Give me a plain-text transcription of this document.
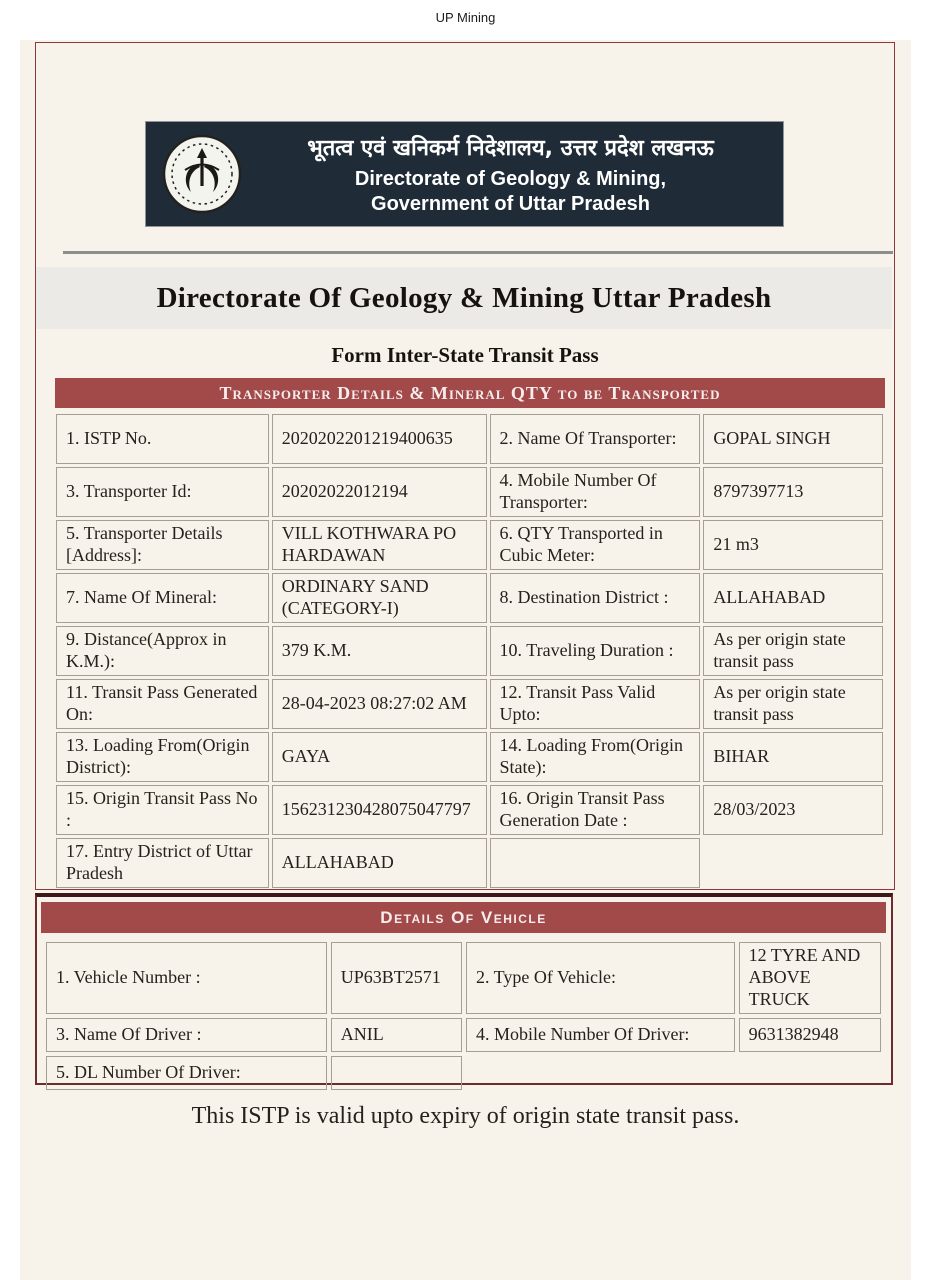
UP Mining
भूतत्व एवं खनिकर्म निदेशालय, उत्तर प्रदेश लखनऊ
Directorate of Geology & Mining,
Government of Uttar Pradesh
Directorate Of Geology & Mining Uttar Pradesh
Form Inter-State Transit Pass
Transporter Details & Mineral QTY to be Transported
1. ISTP No.	2020202201219400635	2. Name Of Transporter:	GOPAL SINGH
3. Transporter Id:	20202022012194	4. Mobile Number Of Transporter:	8797397713
5. Transporter Details [Address]:	VILL KOTHWARA PO HARDAWAN	6. QTY Transported in Cubic Meter:	21 m3
7. Name Of Mineral:	ORDINARY SAND (CATEGORY-I)	8. Destination District :	ALLAHABAD
9. Distance(Approx in K.M.):	379 K.M.	10. Traveling Duration :	As per origin state transit pass
11. Transit Pass Generated On:	28-04-2023 08:27:02 AM	12. Transit Pass Valid Upto:	As per origin state transit pass
13. Loading From(Origin District):	GAYA	14. Loading From(Origin State):	BIHAR
15. Origin Transit Pass No :	156231230428075047797	16. Origin Transit Pass Generation Date :	28/03/2023
17. Entry District of Uttar Pradesh	ALLAHABAD		
Details Of Vehicle
1. Vehicle Number :	UP63BT2571	2. Type Of Vehicle:	12 TYRE AND ABOVE TRUCK
3. Name Of Driver :	ANIL	4. Mobile Number Of Driver:	9631382948
5. DL Number Of Driver:			
This ISTP is valid upto expiry of origin state transit pass.
